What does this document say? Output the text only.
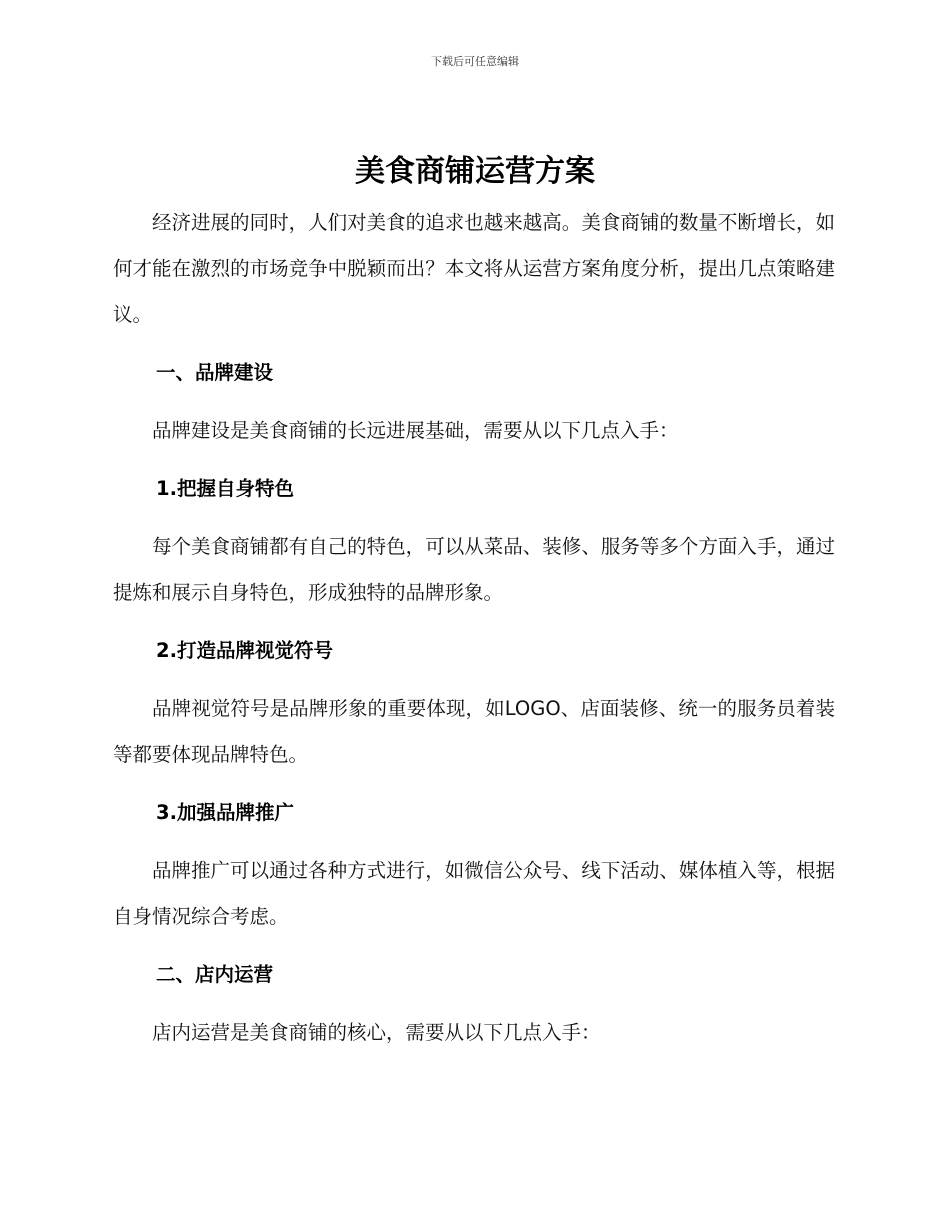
下载后可任意编辑
美食商铺运营方案

经济进展的同时，人们对美食的追求也越来越高。美食商铺的数量不断增长，如何才能在激烈的市场竞争中脱颖而出？本文将从运营方案角度分析，提出几点策略建议。

一、品牌建设

品牌建设是美食商铺的长远进展基础，需要从以下几点入手：

1.把握自身特色

每个美食商铺都有自己的特色，可以从菜品、装修、服务等多个方面入手，通过提炼和展示自身特色，形成独特的品牌形象。

2.打造品牌视觉符号

品牌视觉符号是品牌形象的重要体现，如LOGO、店面装修、统一的服务员着装等都要体现品牌特色。

3.加强品牌推广

品牌推广可以通过各种方式进行，如微信公众号、线下活动、媒体植入等，根据自身情况综合考虑。

二、店内运营

店内运营是美食商铺的核心，需要从以下几点入手：
